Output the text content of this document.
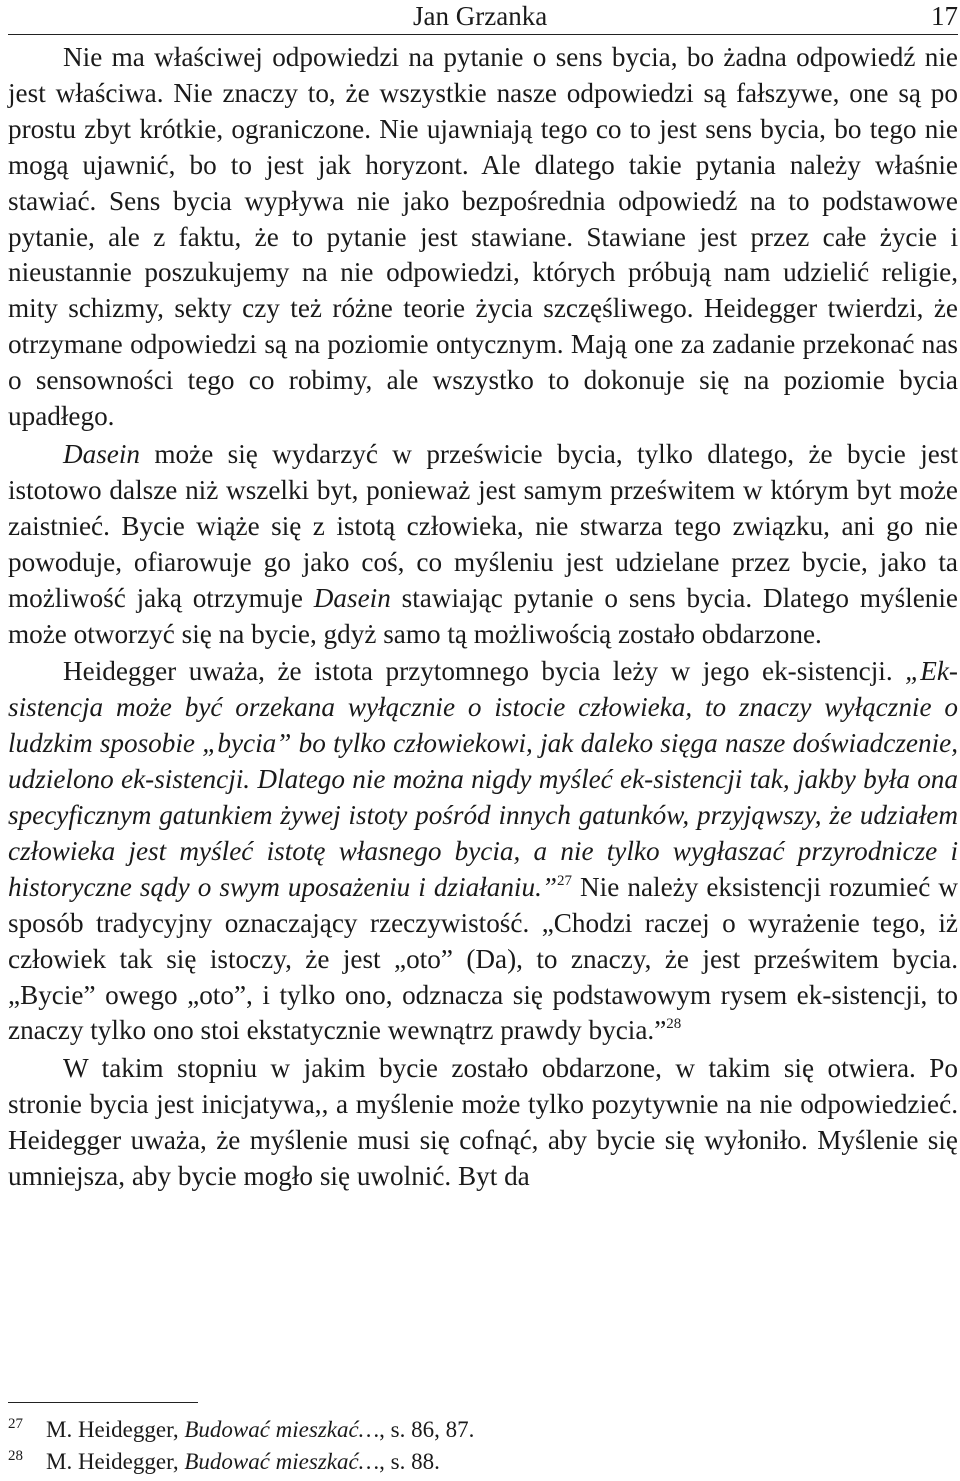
Jan Grzanka	17

Nie ma właściwej odpowiedzi na pytanie o sens bycia, bo żadna odpowiedź nie jest właściwa. Nie znaczy to, że wszystkie nasze odpowiedzi są fałszywe, one są po prostu zbyt krótkie, ograniczone. Nie ujawniają tego co to jest sens bycia, bo tego nie mogą ujawnić, bo to jest jak horyzont. Ale dlatego takie pytania należy właśnie stawiać. Sens bycia wypływa nie jako bezpośrednia odpowiedź na to podstawowe pytanie, ale z faktu, że to pytanie jest stawiane. Stawiane jest przez całe życie i nieustannie poszukujemy na nie odpowiedzi, których próbują nam udzielić religie, mity schizmy, sekty czy też różne teorie życia szczęśliwego. Heidegger twierdzi, że otrzymane odpowiedzi są na poziomie ontycznym. Mają one za zadanie przekonać nas o sensowności tego co robimy, ale wszystko to dokonuje się na poziomie bycia upadłego.

Dasein może się wydarzyć w prześwicie bycia, tylko dlatego, że bycie jest istotowo dalsze niż wszelki byt, ponieważ jest samym prześwitem w którym byt może zaistnieć. Bycie wiąże się z istotą człowieka, nie stwarza tego związku, ani go nie powoduje, ofiarowuje go jako coś, co myśleniu jest udzielane przez bycie, jako ta możliwość jaką otrzymuje Dasein stawiając pytanie o sens bycia. Dlatego myślenie może otworzyć się na bycie, gdyż samo tą możliwością zostało obdarzone.

Heidegger uważa, że istota przytomnego bycia leży w jego ek-sistencji. „Ek-sistencja może być orzekana wyłącznie o istocie człowieka, to znaczy wyłącznie o ludzkim sposobie „bycia” bo tylko człowiekowi, jak daleko sięga nasze doświadczenie, udzielono ek-sistencji. Dlatego nie można nigdy myśleć ek-sistencji tak, jakby była ona specyficznym gatunkiem żywej istoty pośród innych gatunków, przyjąwszy, że udziałem człowieka jest myśleć istotę własnego bycia, a nie tylko wygłaszać przyrodnicze i historyczne sądy o swym uposażeniu i działaniu.”$^{27}$ Nie należy eksistencji rozumieć w sposób tradycyjny oznaczający rzeczywistość. „Chodzi raczej o wyrażenie tego, iż człowiek tak się istoczy, że jest „oto” (Da), to znaczy, że jest prześwitem bycia. „Bycie” owego „oto”, i tylko ono, odznacza się podstawowym rysem ek-sistencji, to znaczy tylko ono stoi ekstatycznie wewnątrz prawdy bycia.”$^{28}$

W takim stopniu w jakim bycie zostało obdarzone, w takim się otwiera. Po stronie bycia jest inicjatywa,, a myślenie może tylko pozytywnie na nie odpowiedzieć. Heidegger uważa, że myślenie musi się cofnąć, aby bycie się wyłoniło. Myślenie się umniejsza, aby bycie mogło się uwolnić. Byt da

27 M. Heidegger, Budować mieszkać…, s. 86, 87.
28 M. Heidegger, Budować mieszkać…, s. 88.
